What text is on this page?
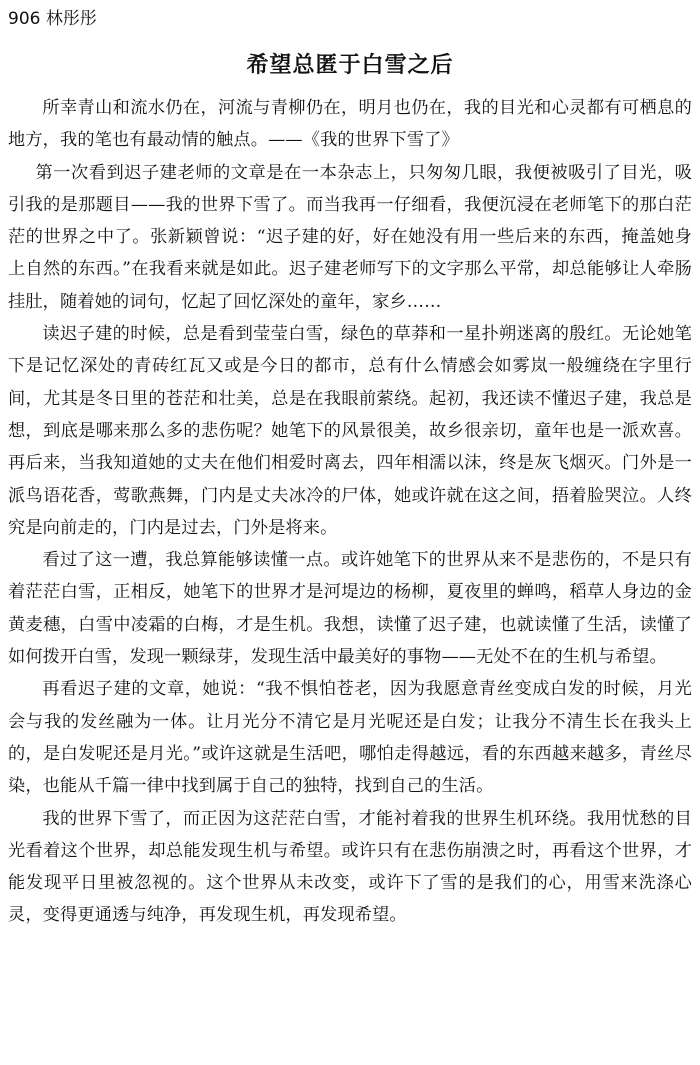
906 林彤彤
希望总匿于白雪之后

所幸青山和流水仍在，河流与青柳仍在，明月也仍在，我的目光和心灵都有可栖息的地方，我的笔也有最动情的触点。——《我的世界下雪了》

第一次看到迟子建老师的文章是在一本杂志上，只匆匆几眼，我便被吸引了目光，吸引我的是那题目——我的世界下雪了。而当我再一仔细看，我便沉浸在老师笔下的那白茫茫的世界之中了。张新颖曾说：“迟子建的好，好在她没有用一些后来的东西，掩盖她身上自然的东西。”在我看来就是如此。迟子建老师写下的文字那么平常，却总能够让人牵肠挂肚，随着她的词句，忆起了回忆深处的童年，家乡……

读迟子建的时候，总是看到莹莹白雪，绿色的草莽和一星扑朔迷离的殷红。无论她笔下是记忆深处的青砖红瓦又或是今日的都市，总有什么情感会如雾岚一般缠绕在字里行间，尤其是冬日里的苍茫和壮美，总是在我眼前萦绕。起初，我还读不懂迟子建，我总是想，到底是哪来那么多的悲伤呢？她笔下的风景很美，故乡很亲切，童年也是一派欢喜。再后来，当我知道她的丈夫在他们相爱时离去，四年相濡以沫，终是灰飞烟灭。门外是一派鸟语花香，莺歌燕舞，门内是丈夫冰冷的尸体，她或许就在这之间，捂着脸哭泣。人终究是向前走的，门内是过去，门外是将来。

看过了这一遭，我总算能够读懂一点。或许她笔下的世界从来不是悲伤的，不是只有着茫茫白雪，正相反，她笔下的世界才是河堤边的杨柳，夏夜里的蝉鸣，稻草人身边的金黄麦穗，白雪中凌霜的白梅，才是生机。我想，读懂了迟子建，也就读懂了生活，读懂了如何拨开白雪，发现一颗绿芽，发现生活中最美好的事物——无处不在的生机与希望。

再看迟子建的文章，她说：“我不惧怕苍老，因为我愿意青丝变成白发的时候，月光会与我的发丝融为一体。让月光分不清它是月光呢还是白发；让我分不清生长在我头上的，是白发呢还是月光。”或许这就是生活吧，哪怕走得越远，看的东西越来越多，青丝尽染，也能从千篇一律中找到属于自己的独特，找到自己的生活。

我的世界下雪了，而正因为这茫茫白雪，才能衬着我的世界生机环绕。我用忧愁的目光看着这个世界，却总能发现生机与希望。或许只有在悲伤崩溃之时，再看这个世界，才能发现平日里被忽视的。这个世界从未改变，或许下了雪的是我们的心，用雪来洗涤心灵，变得更通透与纯净，再发现生机，再发现希望。
